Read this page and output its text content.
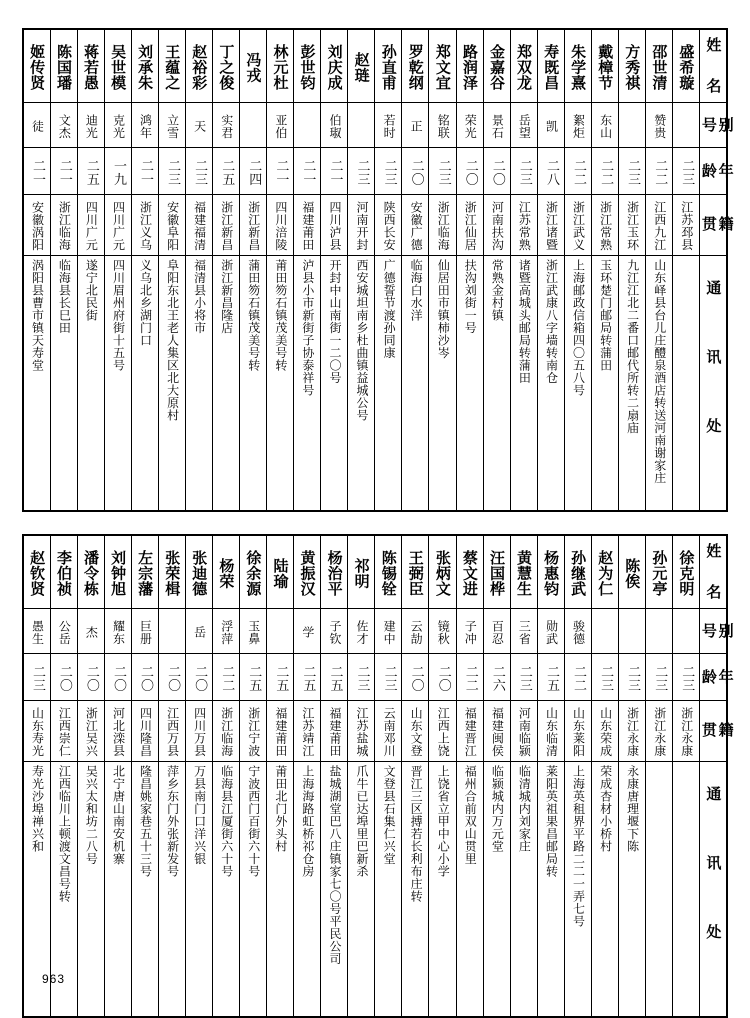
姬传贤	陈国璠	蒋若愚	吴世模	刘承朱	王蕴之	赵裕彩	丁之俊	冯戎	林元杜	彭世钧	刘庆成	赵琏	孙直甫	罗乾纲	郑文宜	路润泽	金嘉谷	郑双龙	寿既昌	朱学熹	戴樟节	方秀祺	邵世清	盛希璇	姓 名

徒	文杰	迪光	克光	鸿年	立雪	天	实君		亚伯		伯琡		若时	正	铭联	荣光	景石	岳望	凯	絮炬	东山		赞贵		别 号

二一	二一	二五	一九	二一	二三	二三	二五	二四	二一	二一	二一	二三	二三	二〇	二三	二〇	二〇	二三	二八	二二	二二	二三	二二	二三	年 龄

安徽涡阳	浙江临海	四川广元	四川广元	浙江义乌	安徽阜阳	福建福清	浙江新昌	浙江新昌	四川涪陵	福建莆田	四川泸县	河南开封	陕西长安	安徽广德	浙江临海	浙江仙居	河南扶沟	江苏常熟	浙江诸暨	浙江武义	浙江常熟	浙江玉环	江西九江	江苏邳县	籍 贯

涡阳县曹市镇天寿堂	临海县长巳田	遂宁北民街	四川眉州府街十五号	义乌北乡湖门口	阜阳东北王老人集区北大原村	福清县小将市	浙江新昌隆店	蒲田笏石镇茂美号转	莆田笏石镇茂美号转	泸县小市新街子协泰祥号	开封中山南街一二〇号	西安城坦南乡杜曲镇益城公号	广德誓节渡孙同康	临海白水洋	仙居田市镇柿沙岑	扶沟刘街一号	常熟金村镇	诸暨高城头邮局转蒲田	浙江武康八字墙转南仓	上海邮政信箱四〇五八号	玉环楚门邮局转蒲田	九江江北二番口邮代所转二扇庙	山东峄县台儿庄醴泉酒店转送河南谢家庄		通 讯 处
赵钦贤	李伯祯	潘令栋	刘钟旭	左宗藩	张荣楫	张迪德	杨荣	徐余源	陆瑜	黄振汉	杨治平	祁明	陈锡铨	王弼臣	张炳文	蔡文进	汪国桦	黄慧生	杨惠钧	孙继武	赵为仁	陈俟	孙元亭	徐克明	姓 名

愚生	公岳	杰	耀东	巨册		岳	浮萍	玉鼻		学	子钦	佐才	建中	云劼	镜秋	子冲	百忍	三省	勋武	骏德					别 号

二三	二〇	二〇	二〇	二〇	二〇	二〇	二二	二五	二五	二五	二五	二三	二三	二〇	二〇	二二	二六	二三	二五	二二	二三	二三	二三	二三	年 龄

山东寿光	江西崇仁	浙江吴兴	河北滦县	四川隆昌	江西万县	四川万县	浙江临海	浙江宁波	福建莆田	江苏靖江	福建莆田	江苏盐城	云南邓川	山东文登	江西上饶	福建晋江	福建闽侯	河南临颍	山东临清	山东莱阳	山东荣成	浙江永康	浙江永康	浙江永康	籍 贯

寿光沙埠禅兴和	江西临川上顿渡文昌号转	吴兴太和坊二八号	北宁唐山南安机寨	隆昌姚家巷五十三号	萍乡东门外张新发号	万县南门口洋兴银	临海县江厦街六十号	宁波西门百街六十号	莆田北门外头村	上海海路虹桥祁仓房	盐城湖堂巴八庄镇家七〇号平民公司	爪牛已达埠里巴新杀	文登县石集仁兴堂	晋江三区搏若长利布庄转	上饶省立甲中心小学	福州合前双山贯里	临颍城内万元堂	临清城内刘家庄	莱阳英祖果昌邮局转	上海英租界平路二二一弄七号	荣成杏材小桥村	永康唐理堰下陈			通 讯 处
963
